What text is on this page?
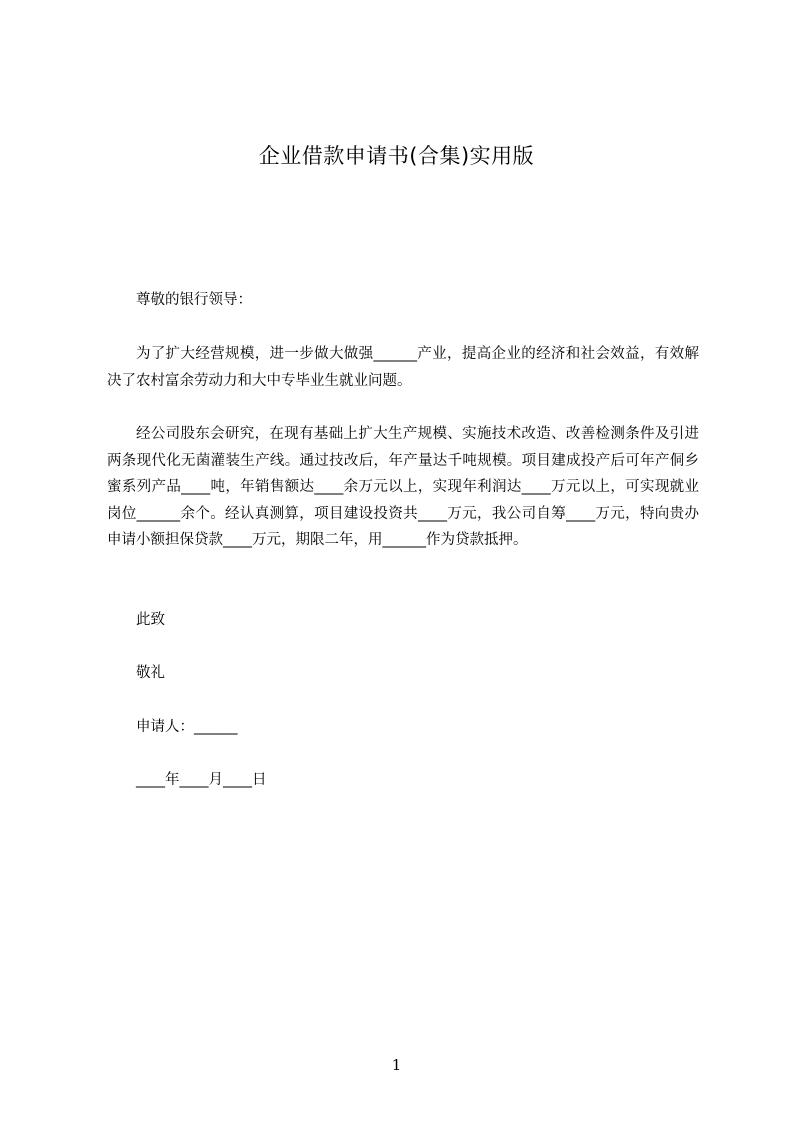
企业借款申请书(合集)实用版

尊敬的银行领导：

为了扩大经营规模，进一步做大做强______产业，提高企业的经济和社会效益，有效解决了农村富余劳动力和大中专毕业生就业问题。

经公司股东会研究，在现有基础上扩大生产规模、实施技术改造、改善检测条件及引进两条现代化无菌灌装生产线。通过技改后，年产量达千吨规模。项目建成投产后可年产侗乡蜜系列产品____吨，年销售额达____余万元以上，实现年利润达____万元以上，可实现就业岗位______余个。经认真测算，项目建设投资共____万元，我公司自筹____万元，特向贵办申请小额担保贷款____万元，期限二年，用______作为贷款抵押。

此致

敬礼

申请人：______

____年____月____日

1
